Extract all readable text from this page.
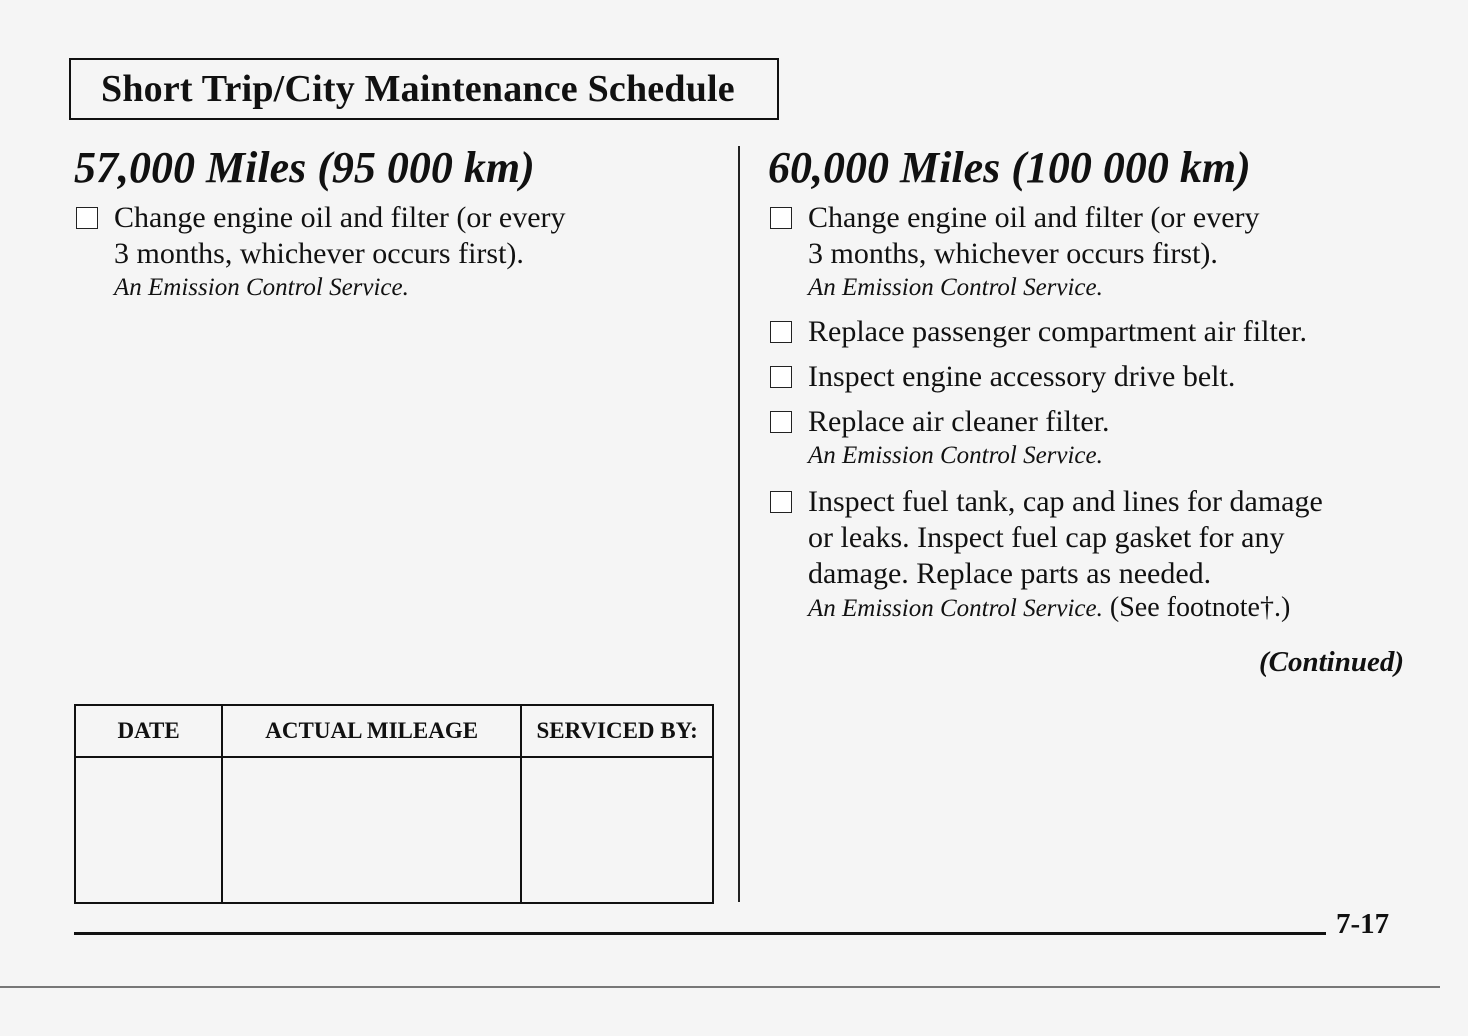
Short Trip/City Maintenance Schedule
57,000 Miles (95 000 km)
Change engine oil and filter (or every
3 months, whichever occurs first).
An Emission Control Service.
60,000 Miles (100 000 km)
Change engine oil and filter (or every
3 months, whichever occurs first).
An Emission Control Service.
Replace passenger compartment air filter.
Inspect engine accessory drive belt.
Replace air cleaner filter.
An Emission Control Service.
Inspect fuel tank, cap and lines for damage
or leaks. Inspect fuel cap gasket for any
damage. Replace parts as needed.
An Emission Control Service. (See footnote†.)
(Continued)
DATE	ACTUAL MILEAGE	SERVICED BY:

7-17
